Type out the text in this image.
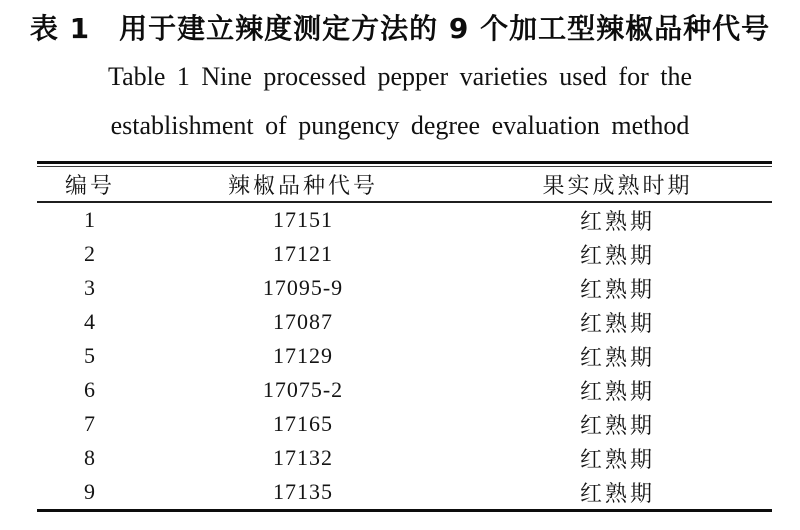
表 1　用于建立辣度测定方法的 9 个加工型辣椒品种代号
Table 1 Nine processed pepper varieties used for the
establishment of pungency degree evaluation method
编号	辣椒品种代号	果实成熟时期
1	17151	红熟期
2	17121	红熟期
3	17095-9	红熟期
4	17087	红熟期
5	17129	红熟期
6	17075-2	红熟期
7	17165	红熟期
8	17132	红熟期
9	17135	红熟期
